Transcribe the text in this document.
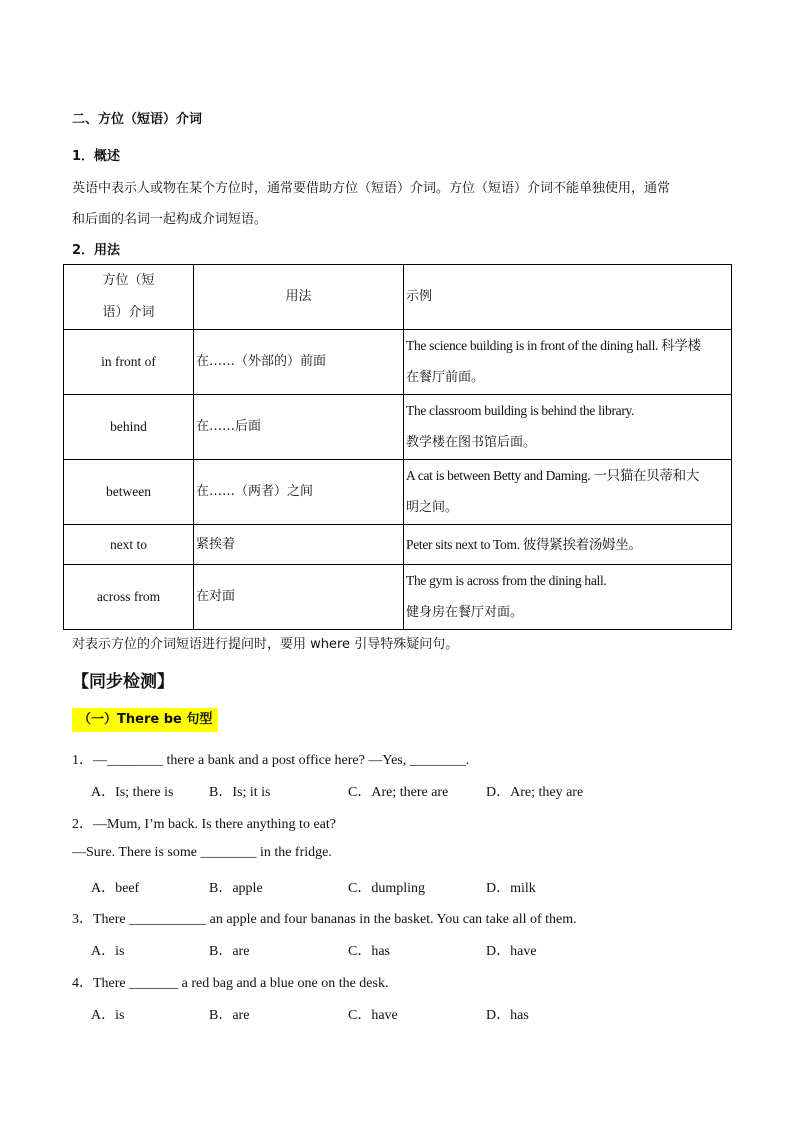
二、方位（短语）介词
1．概述
英语中表示人或物在某个方位时，通常要借助方位（短语）介词。方位（短语）介词不能单独使用，通常
和后面的名词一起构成介词短语。
2．用法
方位（短
语）介词	用法	示例
in front of	在……（外部的）前面	The science building is in front of the dining hall. 科学楼
在餐厅前面。

behind	在……后面	The classroom building is behind the library.
教学楼在图书馆后面。

between	在……（两者）之间	A cat is between Betty and Daming. 一只猫在贝蒂和大
明之间。

next to	紧挨着	Peter sits next to Tom. 彼得紧挨着汤姆坐。
across from	在对面	The gym is across from the dining hall.
健身房在餐厅对面。
对表示方位的介词短语进行提问时，要用 where 引导特殊疑问句。
【同步检测】
（一）There be 句型
1．—________ there a bank and a post office here? —Yes, ________.
A．Is; there is	B．Is; it is	C．Are; there are	D．Are; they are
2．—Mum, I’m back. Is there anything to eat?
—Sure. There is some ________ in the fridge.
A．beef	B．apple	C．dumpling	D．milk
3．There ___________ an apple and four bananas in the basket. You can take all of them.
A．is	B．are	C．has	D．have
4．There _______ a red bag and a blue one on the desk.
A．is	B．are	C．have	D．has
